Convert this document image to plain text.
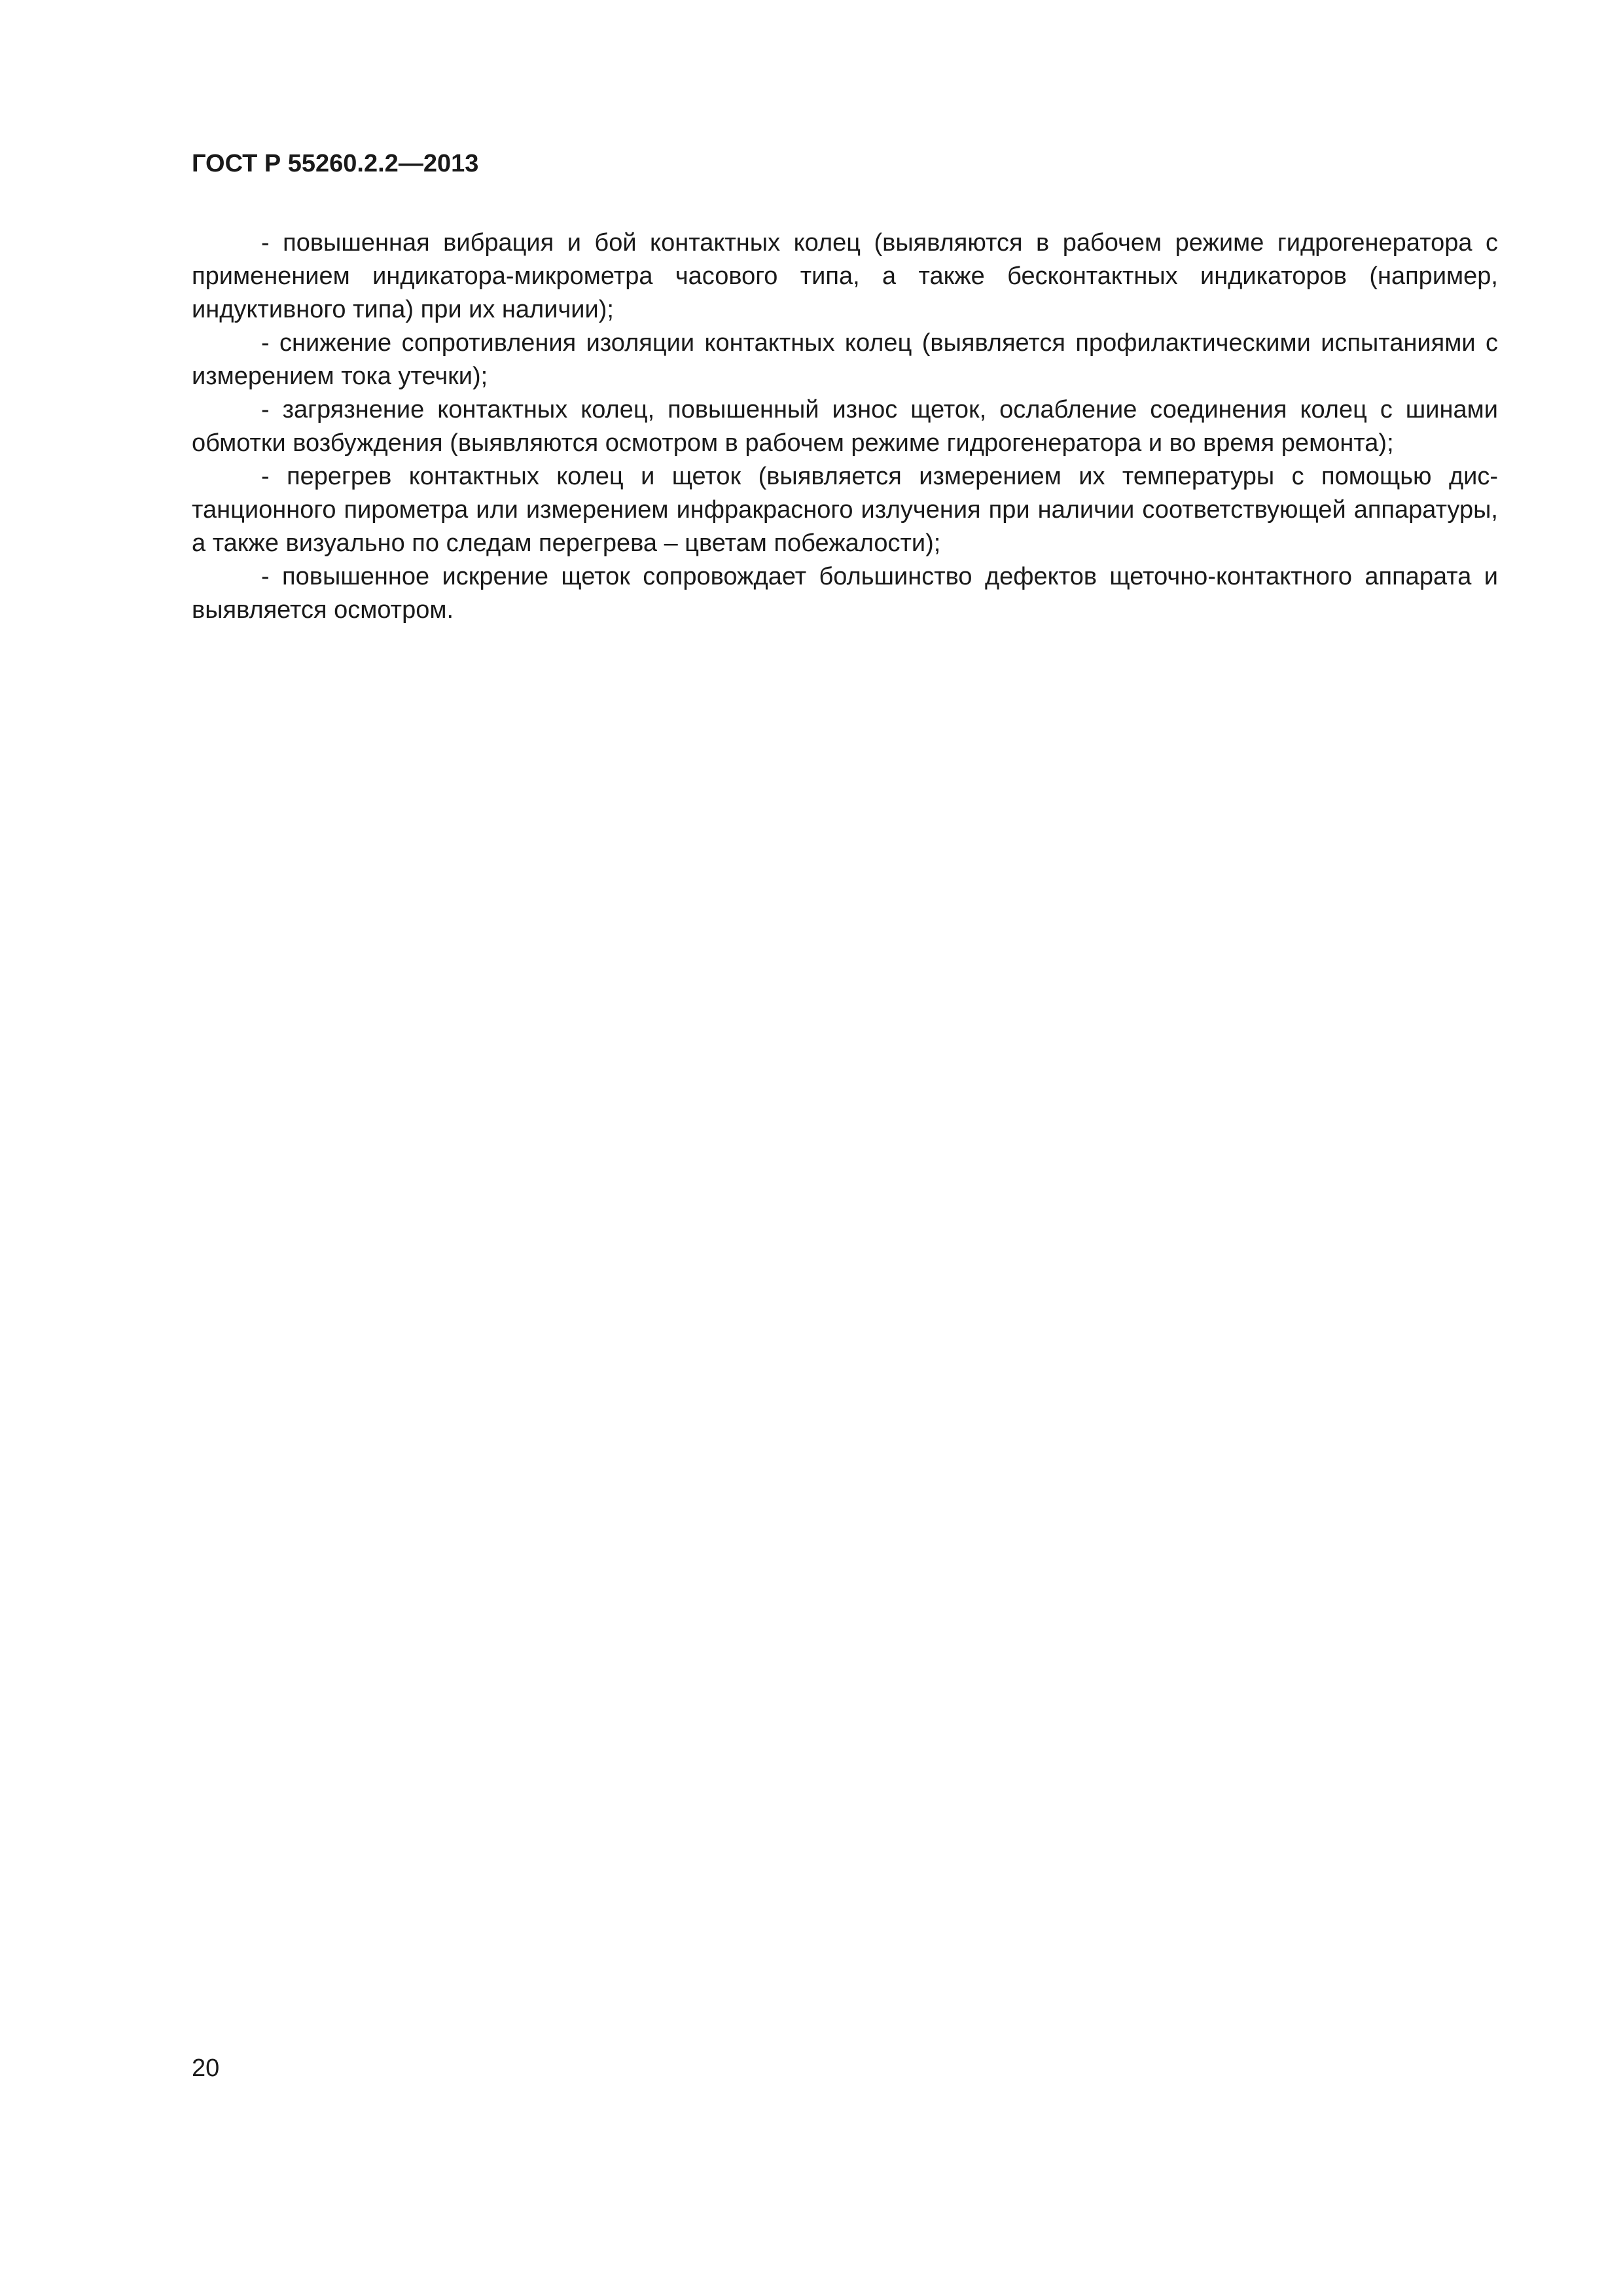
ГОСТ Р 55260.2.2—2013

- повышенная вибрация и бой контактных колец (выявляются в рабочем режиме гидрогенератора с применением индикатора-микрометра часового типа, а также бесконтактных индикаторов (например, индуктивного типа) при их наличии);

- снижение сопротивления изоляции контактных колец (выявляется профилактическими испытаниями с измерением тока утечки);

- загрязнение контактных колец, повышенный износ щеток, ослабление соединения колец с шинами обмотки возбуждения (выявляются осмотром в рабочем режиме гидрогенератора и во время ремонта);

- перегрев контактных колец и щеток (выявляется измерением их температуры с помощью дистанционного пирометра или измерением инфракрасного излучения при наличии соответствующей аппаратуры, а также визуально по следам перегрева – цветам побежалости);

- повышенное искрение щеток сопровождает большинство дефектов щеточно-контактного аппарата и выявляется осмотром.

20
